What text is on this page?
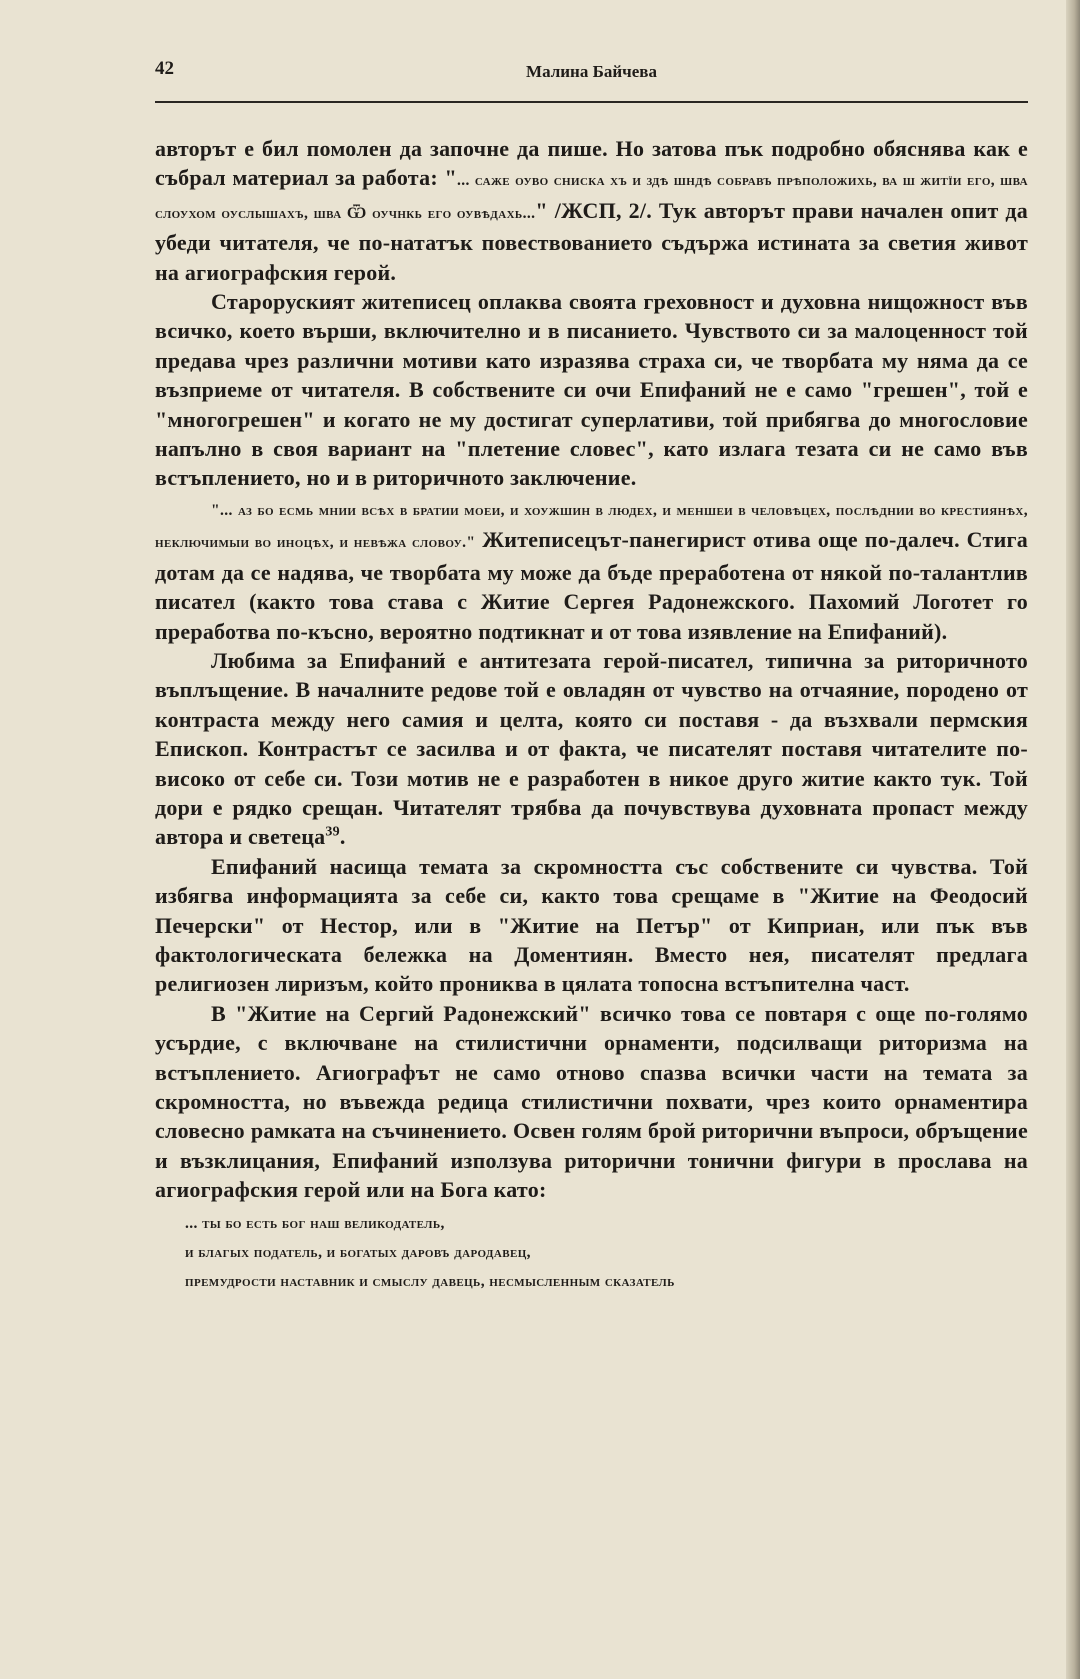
42	Малина Байчева

авторът е бил помолен да започне да пише. Но затова пък подробно обяснява как е събрал материал за работа: "... саже оуво сниска хъ и здѣ шндѣ собравъ прѣположихь, ва ш житїи его, шва слоухом оуслышахъ, шва Ѿ оучнкь его оувѣдахь..." /ЖСП, 2/. Тук авторът прави начален опит да убеди читателя, че по-нататък повествованието съдържа истината за светия живот на агиографския герой.

Староруският житеписец оплаква своята греховност и духовна нищожност във всичко, което върши, включително и в писанието. Чувството си за малоценност той предава чрез различни мотиви като изразява страха си, че творбата му няма да се възприеме от читателя. В собствените си очи Епифаний не е само "грешен", той е "многогрешен" и когато не му достигат суперлативи, той прибягва до многословие напълно в своя вариант на "плетение словес", като излага тезата си не само във встъплението, но и в риторичното заключение.

"... аз бо есмь мнии всѣх в братии моеи, и хоужшин в людех, и меншеи в человѣцех, послѣднии во крестиянѣх, неключимыи во иноцѣх, и невѣжа словоу." Житеписецът-панегирист отива още по-далеч. Стига дотам да се надява, че творбата му може да бъде преработена от някой по-талантлив писател (както това става с Житие Сергея Радонежского. Пахомий Логотет го преработва по-късно, вероятно подтикнат и от това изявление на Епифаний).

Любима за Епифаний е антитезата герой-писател, типична за риторичното въплъщение. В началните редове той е овладян от чувство на отчаяние, породено от контраста между него самия и целта, която си поставя - да възхвали пермския Епископ. Контрастът се засилва и от факта, че писателят поставя читателите по-високо от себе си. Този мотив не е разработен в никое друго житие както тук. Той дори е рядко срещан. Читателят трябва да почувствува духовната пропаст между автора и светеца$^{39}$.

Епифаний насища темата за скромността със собствените си чувства. Той избягва информацията за себе си, както това срещаме в "Житие на Феодосий Печерски" от Нестор, или в "Житие на Петър" от Киприан, или пък във фактологическата бележка на Доментиян. Вместо нея, писателят предлага религиозен лиризъм, който прониква в цялата топосна встъпителна част.

В "Житие на Сергий Радонежский" всичко това се повтаря с още по-голямо усърдие, с включване на стилистични орнаменти, подсилващи риторизма на встъплението. Агиографът не само отново спазва всички части на темата за скромността, но въвежда редица стилистични похвати, чрез които орнаментира словесно рамката на съчинението. Освен голям брой риторични въпроси, обръщение и възклицания, Епифаний използува риторични тонични фигури в прослава на агиографския герой или на Бога като:

... ты бо есть бог наш великодатель,
и благых податель, и богатых даровъ дародавец,
премудрости наставник и смыслу давець, несмысленным сказатель
